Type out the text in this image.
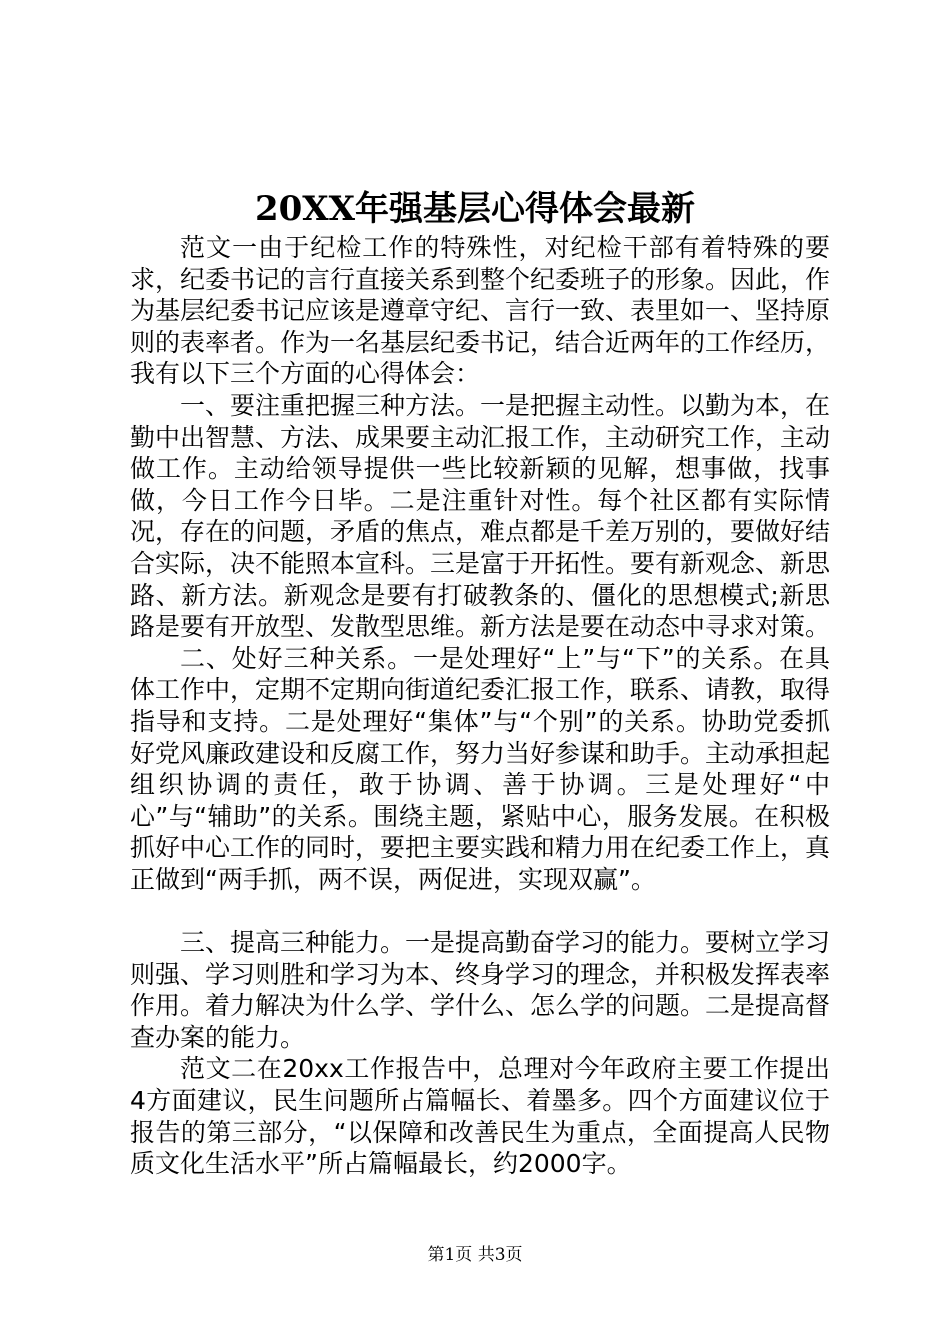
20XX年强基层心得体会最新

范文一由于纪检工作的特殊性，对纪检干部有着特殊的要求，纪委书记的言行直接关系到整个纪委班子的形象。因此，作为基层纪委书记应该是遵章守纪、言行一致、表里如一、坚持原则的表率者。作为一名基层纪委书记，结合近两年的工作经历，我有以下三个方面的心得体会：

一、要注重把握三种方法。一是把握主动性。以勤为本，在勤中出智慧、方法、成果要主动汇报工作，主动研究工作，主动做工作。主动给领导提供一些比较新颖的见解，想事做，找事做，今日工作今日毕。二是注重针对性。每个社区都有实际情况，存在的问题，矛盾的焦点，难点都是千差万别的，要做好结合实际，决不能照本宣科。三是富于开拓性。要有新观念、新思路、新方法。新观念是要有打破教条的、僵化的思想模式;新思路是要有开放型、发散型思维。新方法是要在动态中寻求对策。

二、处好三种关系。一是处理好“上”与“下”的关系。在具体工作中，定期不定期向街道纪委汇报工作，联系、请教，取得指导和支持。二是处理好“集体”与“个别”的关系。协助党委抓好党风廉政建设和反腐工作，努力当好参谋和助手。主动承担起组织协调的责任，敢于协调、善于协调。三是处理好“中心”与“辅助”的关系。围绕主题，紧贴中心，服务发展。在积极抓好中心工作的同时，要把主要实践和精力用在纪委工作上，真正做到“两手抓，两不误，两促进，实现双赢”。

三、提高三种能力。一是提高勤奋学习的能力。要树立学习则强、学习则胜和学习为本、终身学习的理念，并积极发挥表率作用。着力解决为什么学、学什么、怎么学的问题。二是提高督查办案的能力。

范文二在20xx工作报告中，总理对今年政府主要工作提出4方面建议，民生问题所占篇幅长、着墨多。四个方面建议位于报告的第三部分，“以保障和改善民生为重点，全面提高人民物质文化生活水平”所占篇幅最长，约2000字。

第1页 共3页
